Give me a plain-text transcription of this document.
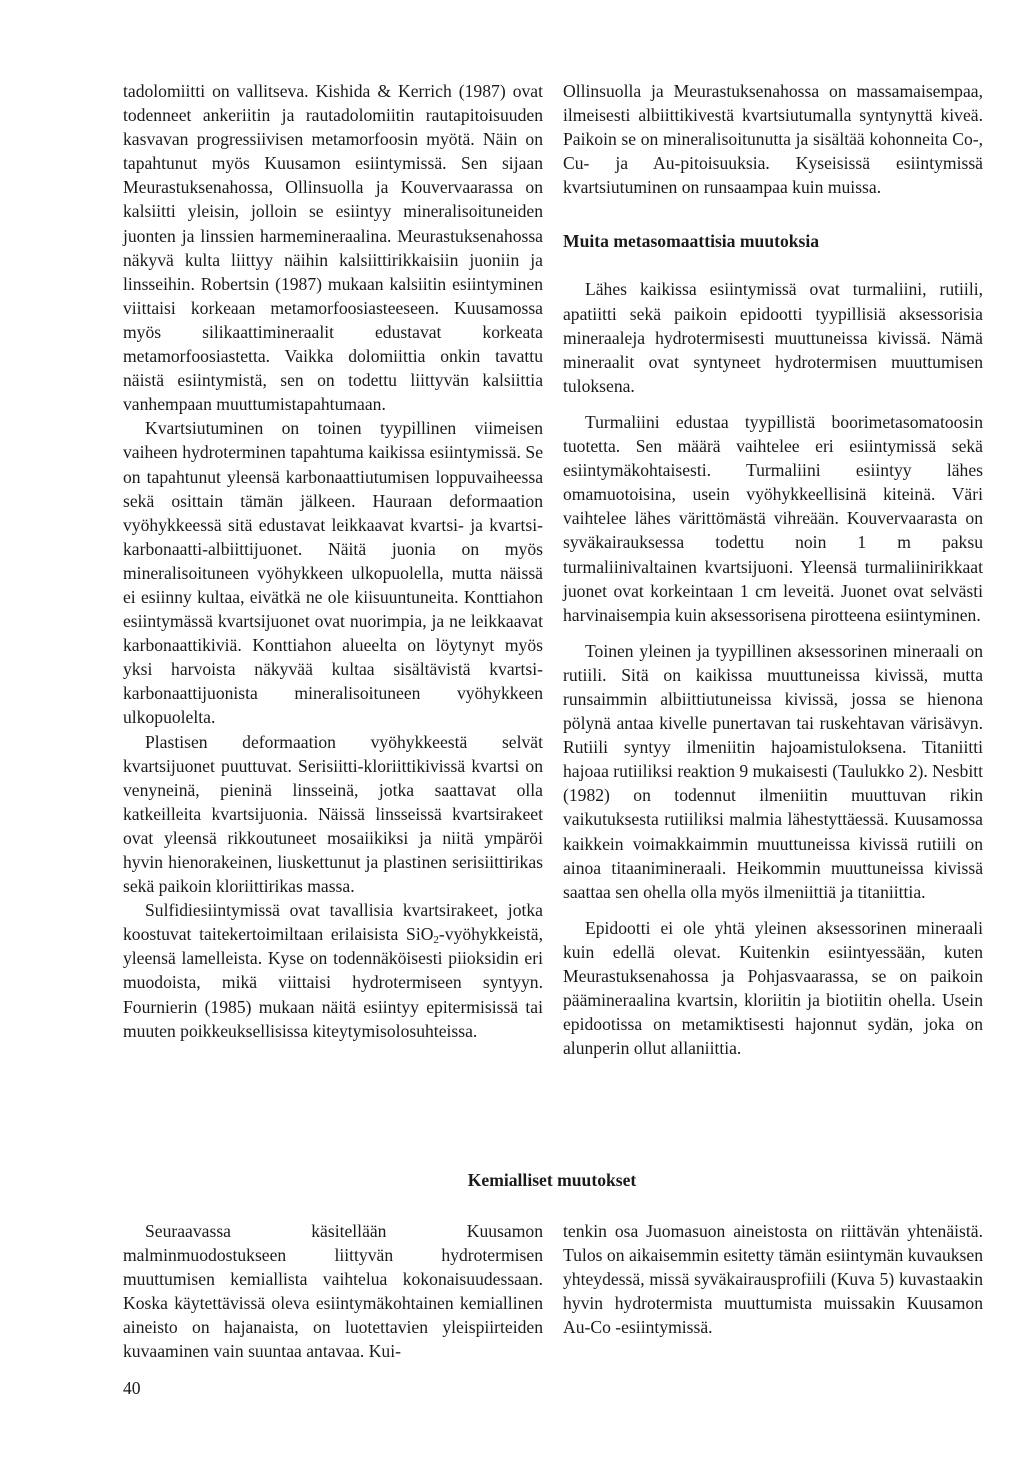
tadolomiitti on vallitseva. Kishida & Kerrich (1987) ovat todenneet ankeriitin ja rautadolomiitin rautapitoisuuden kasvavan progressiivisen metamorfoosin myötä. Näin on tapahtunut myös Kuusamon esiintymissä. Sen sijaan Meurastuksenahossa, Ollinsuolla ja Kouvervaarassa on kalsiitti yleisin, jolloin se esiintyy mineralisoituneiden juonten ja linssien harmemineraalina. Meurastuksenahossa näkyvä kulta liittyy näihin kalsiittirikkaisiin juoniin ja linsseihin. Robertsin (1987) mukaan kalsiitin esiintyminen viittaisi korkeaan metamorfoosiasteeseen. Kuusamossa myös silikaattimineraalit edustavat korkeata metamorfoosiastetta. Vaikka dolomiittia onkin tavattu näistä esiintymistä, sen on todettu liittyvän kalsiittia vanhempaan muuttumistapahtumaan.

Kvartsiutuminen on toinen tyypillinen viimeisen vaiheen hydroterminen tapahtuma kaikissa esiintymissä. Se on tapahtunut yleensä karbonaattiutumisen loppuvaiheessa sekä osittain tämän jälkeen. Hauraan deformaation vyöhykkeessä sitä edustavat leikkaavat kvartsi- ja kvartsi-karbonaatti-albiittijuonet. Näitä juonia on myös mineralisoituneen vyöhykkeen ulkopuolella, mutta näissä ei esiinny kultaa, eivätkä ne ole kiisuuntuneita. Konttiahon esiintymässä kvartsijuonet ovat nuorimpia, ja ne leikkaavat karbonaattikiviä. Konttiahon alueelta on löytynyt myös yksi harvoista näkyvää kultaa sisältävistä kvartsi-karbonaattijuonista mineralisoituneen vyöhykkeen ulkopuolelta.

Plastisen deformaation vyöhykkeestä selvät kvartsijuonet puuttuvat. Serisiitti-kloriittikivissä kvartsi on venyneinä, pieninä linsseinä, jotka saattavat olla katkeilleita kvartsijuonia. Näissä linsseissä kvartsirakeet ovat yleensä rikkoutuneet mosaiikiksi ja niitä ympäröi hyvin hienorakeinen, liuskettunut ja plastinen serisiittirikas sekä paikoin kloriittirikas massa.

Sulfidiesiintymissä ovat tavallisia kvartsirakeet, jotka koostuvat taitekertoimiltaan erilaisista SiO$_2$-vyöhykkeistä, yleensä lamelleista. Kyse on todennäköisesti piioksidin eri muodoista, mikä viittaisi hydrotermiseen syntyyn. Fournierin (1985) mukaan näitä esiintyy epitermisissä tai muuten poikkeuksellisissa kiteytymisolosuhteissa.

Ollinsuolla ja Meurastuksenahossa on massamaisempaa, ilmeisesti albiittikivestä kvartsiutumalla syntynyttä kiveä. Paikoin se on mineralisoitunutta ja sisältää kohonneita Co-, Cu- ja Au-pitoisuuksia. Kyseisissä esiintymissä kvartsiutuminen on runsaampaa kuin muissa.

Muita metasomaattisia muutoksia

Lähes kaikissa esiintymissä ovat turmaliini, rutiili, apatiitti sekä paikoin epidootti tyypillisiä aksessorisia mineraaleja hydrotermisesti muuttuneissa kivissä. Nämä mineraalit ovat syntyneet hydrotermisen muuttumisen tuloksena.

Turmaliini edustaa tyypillistä boorimetasomatoosin tuotetta. Sen määrä vaihtelee eri esiintymissä sekä esiintymäkohtaisesti. Turmaliini esiintyy lähes omamuotoisina, usein vyöhykkeellisinä kiteinä. Väri vaihtelee lähes värittömästä vihreään. Kouvervaarasta on syväkairauksessa todettu noin 1 m paksu turmaliinivaltainen kvartsijuoni. Yleensä turmaliinirikkaat juonet ovat korkeintaan 1 cm leveitä. Juonet ovat selvästi harvinaisempia kuin aksessorisena pirotteena esiintyminen.

Toinen yleinen ja tyypillinen aksessorinen mineraali on rutiili. Sitä on kaikissa muuttuneissa kivissä, mutta runsaimmin albiittiutuneissa kivissä, jossa se hienona pölynä antaa kivelle punertavan tai ruskehtavan värisävyn. Rutiili syntyy ilmeniitin hajoamistuloksena. Titaniitti hajoaa rutiiliksi reaktion 9 mukaisesti (Taulukko 2). Nesbitt (1982) on todennut ilmeniitin muuttuvan rikin vaikutuksesta rutiiliksi malmia lähestyttäessä. Kuusamossa kaikkein voimakkaimmin muuttuneissa kivissä rutiili on ainoa titaanimineraali. Heikommin muuttuneissa kivissä saattaa sen ohella olla myös ilmeniittiä ja titaniittia.

Epidootti ei ole yhtä yleinen aksessorinen mineraali kuin edellä olevat. Kuitenkin esiintyessään, kuten Meurastuksenahossa ja Pohjasvaarassa, se on paikoin päämineraalina kvartsin, kloriitin ja biotiitin ohella. Usein epidootissa on metamiktisesti hajonnut sydän, joka on alunperin ollut allaniittia.

Kemialliset muutokset

Seuraavassa käsitellään Kuusamon malminmuodostukseen liittyvän hydrotermisen muuttumisen kemiallista vaihtelua kokonaisuudessaan. Koska käytettävissä oleva esiintymäkohtainen kemiallinen aineisto on hajanaista, on luotettavien yleispiirteiden kuvaaminen vain suuntaa antavaa. Kui-

tenkin osa Juomasuon aineistosta on riittävän yhtenäistä. Tulos on aikaisemmin esitetty tämän esiintymän kuvauksen yhteydessä, missä syväkairausprofiili (Kuva 5) kuvastaakin hyvin hydrotermista muuttumista muissakin Kuusamon Au-Co -esiintymissä.

40
